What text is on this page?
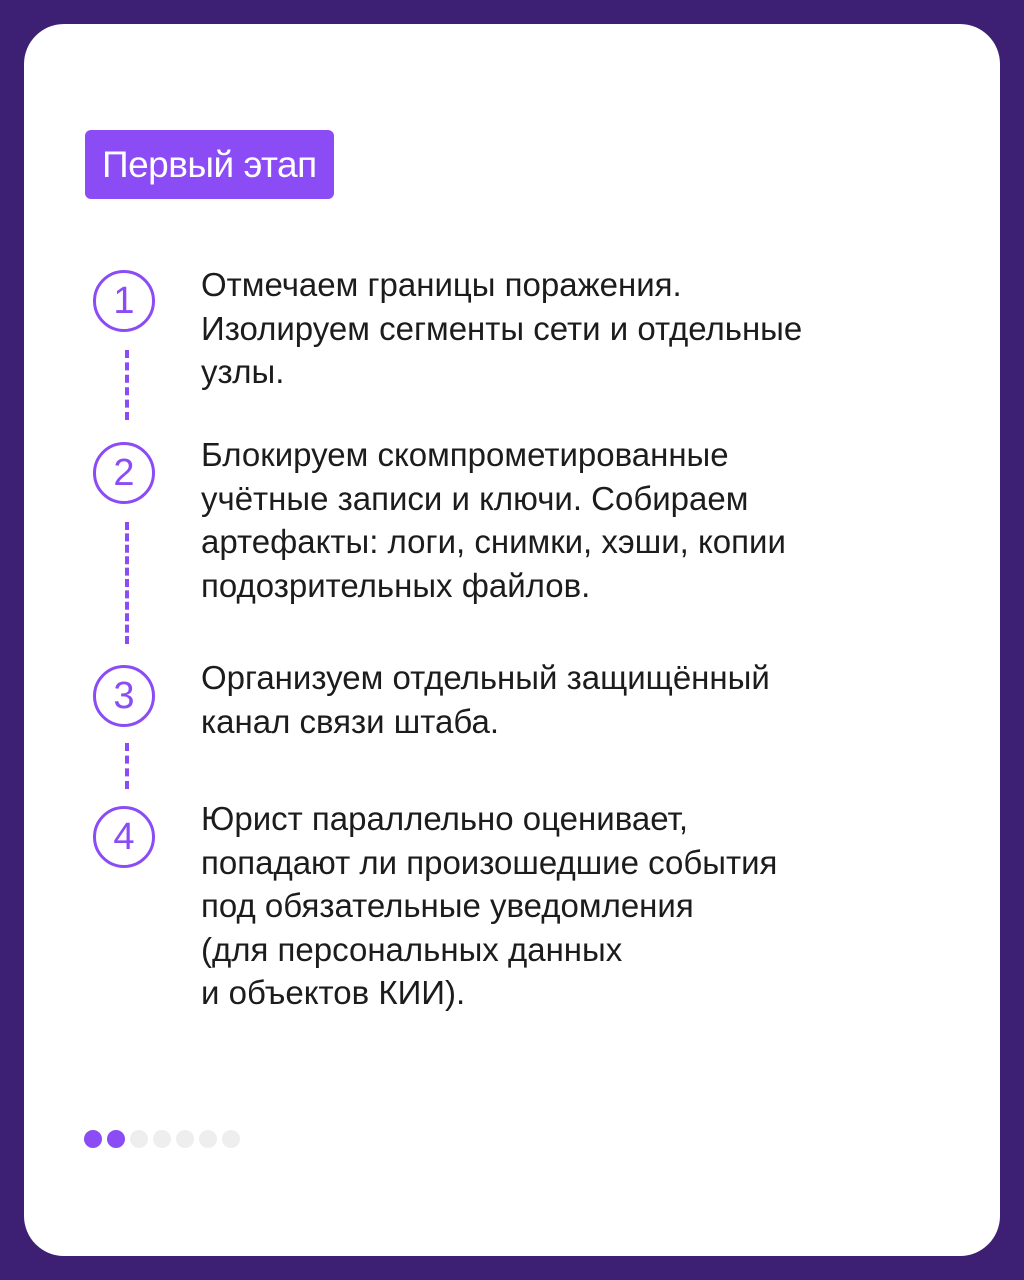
Первый этап
1	Отмечаем границы поражения.
Изолируем сегменты сети и отдельные
узлы.
2	Блокируем скомпрометированные
учётные записи и ключи. Собираем
артефакты: логи, снимки, хэши, копии
подозрительных файлов.
3	Организуем отдельный защищённый
канал связи штаба.
4	Юрист параллельно оценивает,
попадают ли произошедшие события
под обязательные уведомления
(для персональных данных
и объектов КИИ).
